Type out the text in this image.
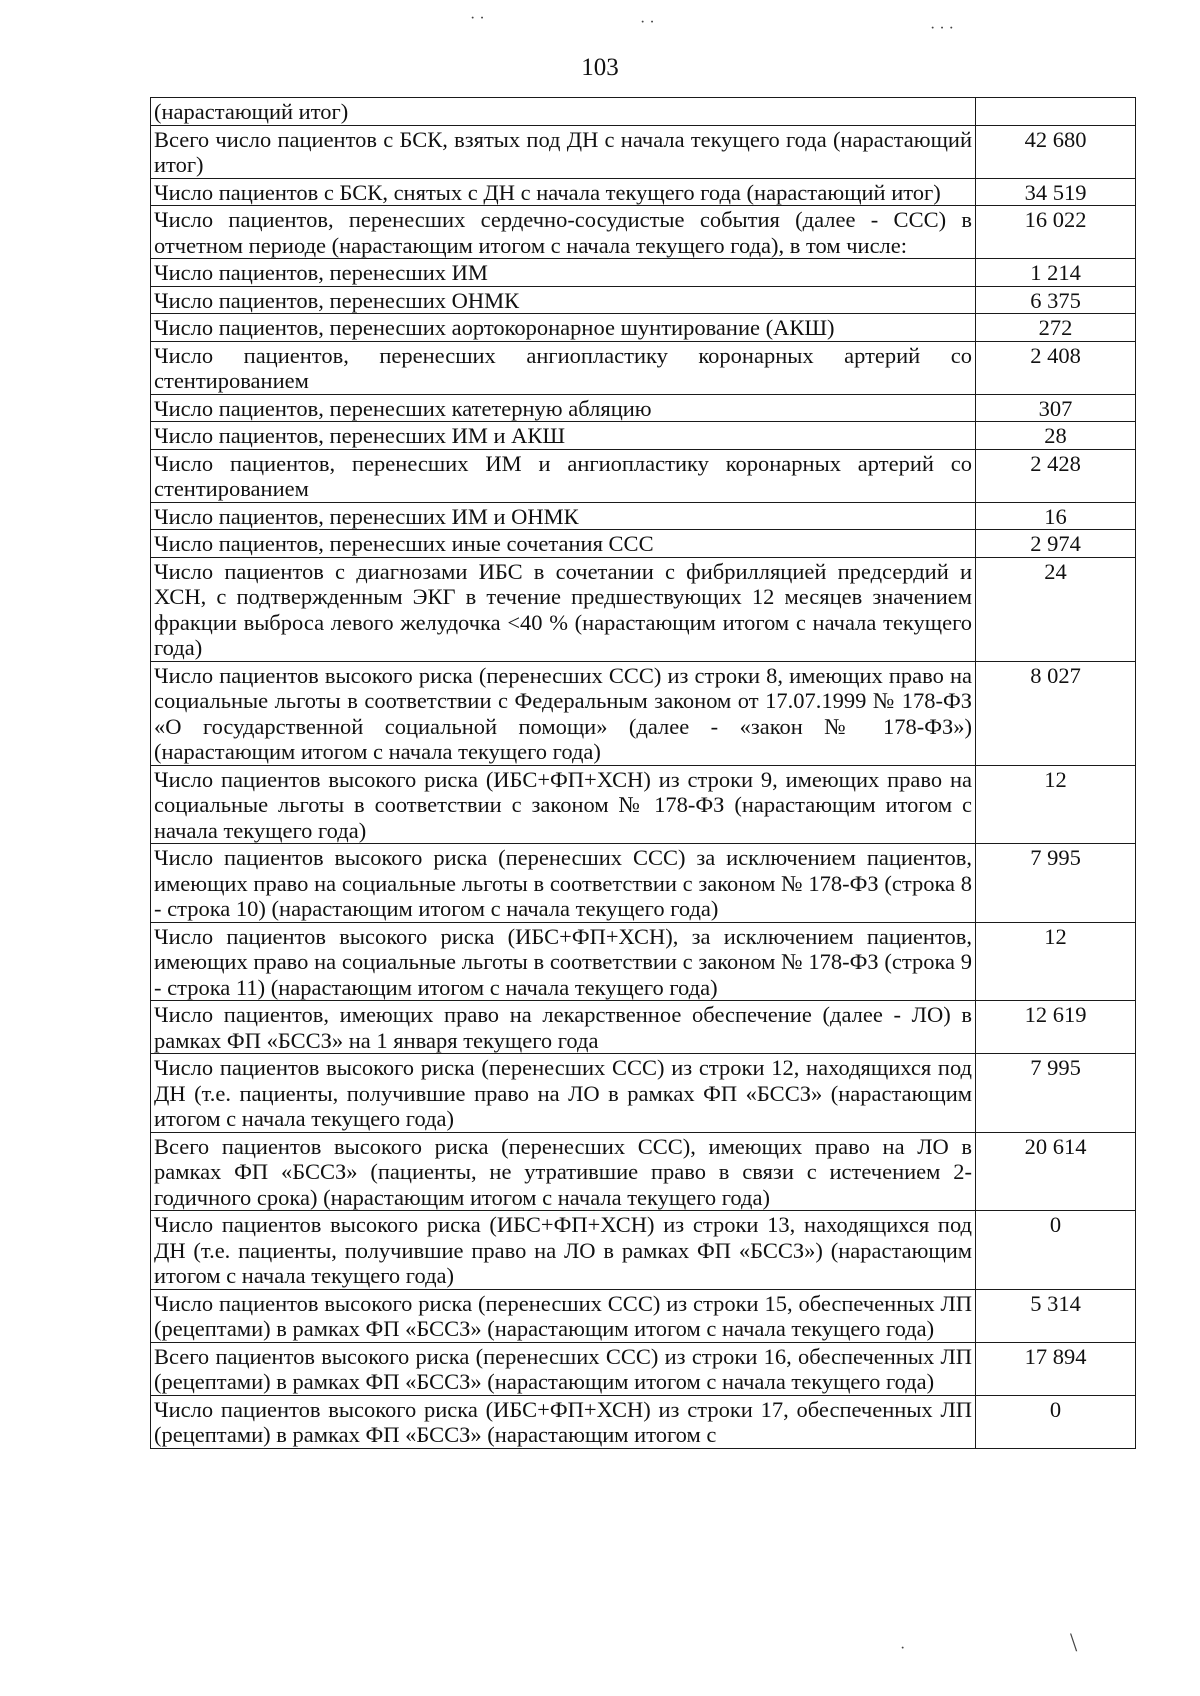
103
(нарастающий итог)	

Всего число пациентов с БСК, взятых под ДН с начала текущего года (нарастающий итог)	42 680

Число пациентов с БСК, снятых с ДН с начала текущего года (нарастающий итог)	34 519

Число пациентов, перенесших сердечно-сосудистые события (далее - ССС) в отчетном периоде (нарастающим итогом с начала текущего года), в том числе:	16 022

Число пациентов, перенесших ИМ	1 214

Число пациентов, перенесших ОНМК	6 375

Число пациентов, перенесших аортокоронарное шунтирование (АКШ)	272

Число пациентов, перенесших ангиопластику коронарных артерий со стентированием	2 408

Число пациентов, перенесших катетерную абляцию	307

Число пациентов, перенесших ИМ и АКШ	28

Число пациентов, перенесших ИМ и ангиопластику коронарных артерий со стентированием	2 428

Число пациентов, перенесших ИМ и ОНМК	16

Число пациентов, перенесших иные сочетания ССС	2 974

Число пациентов с диагнозами ИБС в сочетании с фибрилляцией предсердий и ХСН, с подтвержденным ЭКГ в течение предшествующих 12 месяцев значением фракции выброса левого желудочка <40 % (нарастающим итогом с начала текущего года)	24

Число пациентов высокого риска (перенесших ССС) из строки 8, имеющих право на социальные льготы в соответствии с Федеральным законом от 17.07.1999 № 178-ФЗ «О государственной социальной помощи» (далее - «закон № 178-ФЗ») (нарастающим итогом с начала текущего года)	8 027

Число пациентов высокого риска (ИБС+ФП+ХСН) из строки 9, имеющих право на социальные льготы в соответствии с законом № 178-ФЗ (нарастающим итогом с начала текущего года)	12

Число пациентов высокого риска (перенесших ССС) за исключением пациентов, имеющих право на социальные льготы в соответствии с законом № 178-ФЗ (строка 8 - строка 10) (нарастающим итогом с начала текущего года)	7 995

Число пациентов высокого риска (ИБС+ФП+ХСН), за исключением пациентов, имеющих право на социальные льготы в соответствии с законом № 178-ФЗ (строка 9 - строка 11) (нарастающим итогом с начала текущего года)	12

Число пациентов, имеющих право на лекарственное обеспечение (далее - ЛО) в рамках ФП «БССЗ» на 1 января текущего года	12 619

Число пациентов высокого риска (перенесших ССС) из строки 12, находящихся под ДН (т.е. пациенты, получившие право на ЛО в рамках ФП «БССЗ» (нарастающим итогом с начала текущего года)	7 995

Всего пациентов высокого риска (перенесших ССС), имеющих право на ЛО в рамках ФП «БССЗ» (пациенты, не утратившие право в связи с истечением 2-годичного срока) (нарастающим итогом с начала текущего года)	20 614

Число пациентов высокого риска (ИБС+ФП+ХСН) из строки 13, находящихся под ДН (т.е. пациенты, получившие право на ЛО в рамках ФП «БССЗ») (нарастающим итогом с начала текущего года)	0

Число пациентов высокого риска (перенесших ССС) из строки 15, обеспеченных ЛП (рецептами) в рамках ФП «БССЗ» (нарастающим итогом с начала текущего года)	5 314

Всего пациентов высокого риска (перенесших ССС) из строки 16, обеспеченных ЛП (рецептами) в рамках ФП «БССЗ» (нарастающим итогом с начала текущего года)	17 894

Число пациентов высокого риска (ИБС+ФП+ХСН) из строки 17, обеспеченных ЛП (рецептами) в рамках ФП «БССЗ» (нарастающим итогом с	0
· ·	· ·	· · ·
·	\
